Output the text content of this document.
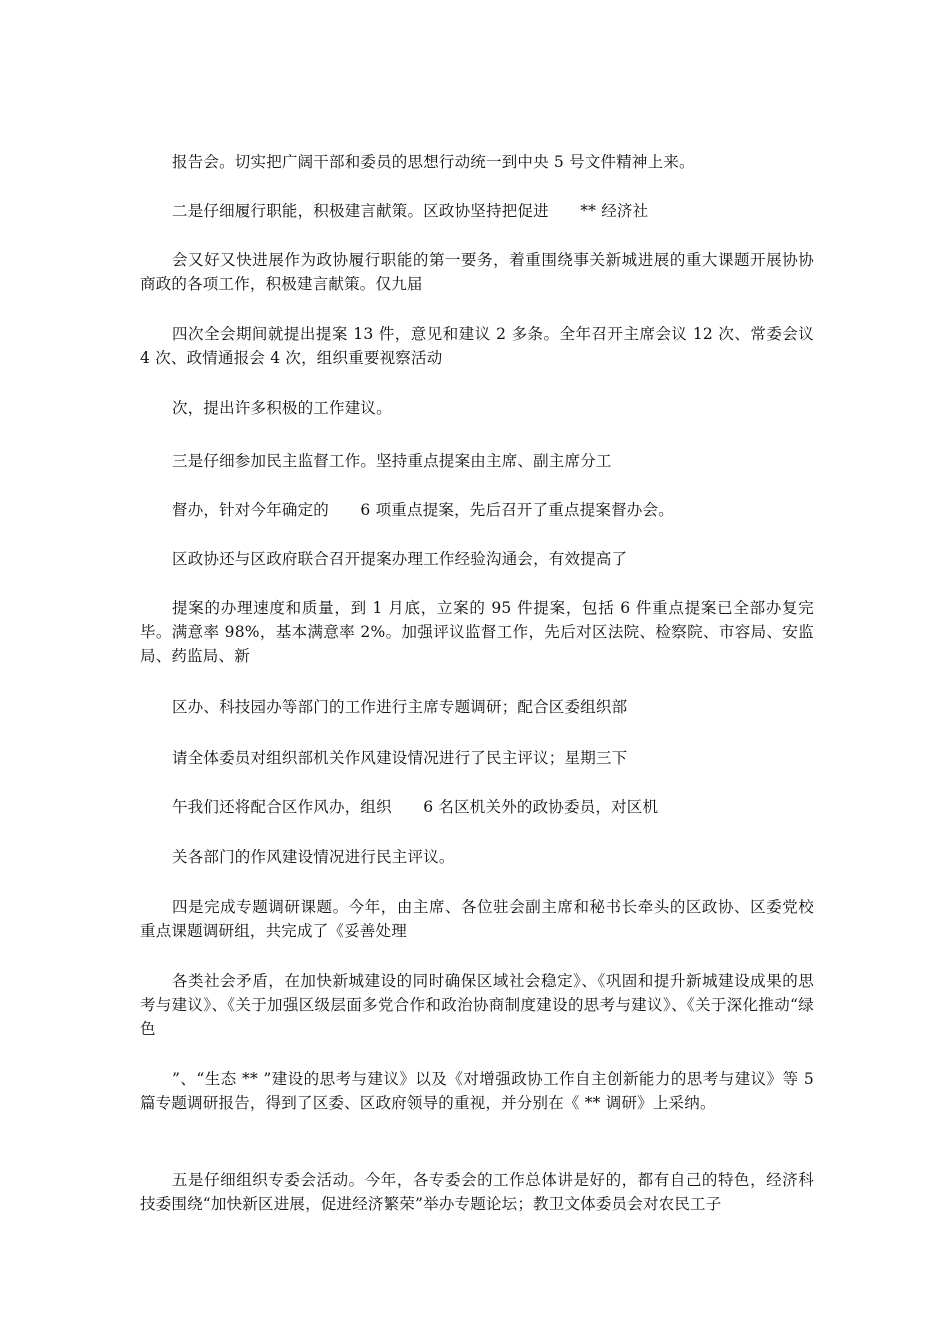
报告会。切实把广阔干部和委员的思想行动统一到中央 5 号文件精神上来。

二是仔细履行职能，积极建言献策。区政协坚持把促进　　** 经济社

会又好又快进展作为政协履行职能的第一要务，着重围绕事关新城进展的重大课题开展协协商政的各项工作，积极建言献策。仅九届

四次全会期间就提出提案 13 件，意见和建议 2 多条。全年召开主席会议 12 次、常委会议 4 次、政情通报会 4 次，组织重要视察活动

次，提出许多积极的工作建议。

三是仔细参加民主监督工作。坚持重点提案由主席、副主席分工

督办，针对今年确定的　　6 项重点提案，先后召开了重点提案督办会。

区政协还与区政府联合召开提案办理工作经验沟通会，有效提高了

提案的办理速度和质量，到 1 月底，立案的 95 件提案，包括 6 件重点提案已全部办复完毕。满意率 98%，基本满意率 2%。加强评议监督工作，先后对区法院、检察院、市容局、安监局、药监局、新

区办、科技园办等部门的工作进行主席专题调研；配合区委组织部

请全体委员对组织部机关作风建设情况进行了民主评议；星期三下

午我们还将配合区作风办，组织　　6 名区机关外的政协委员，对区机

关各部门的作风建设情况进行民主评议。

四是完成专题调研课题。今年，由主席、各位驻会副主席和秘书长牵头的区政协、区委党校重点课题调研组，共完成了《妥善处理

各类社会矛盾，在加快新城建设的同时确保区域社会稳定》、《巩固和提升新城建设成果的思考与建议》、《关于加强区级层面多党合作和政治协商制度建设的思考与建议》、《关于深化推动“绿色

”、“生态 ** ”建设的思考与建议》以及《对增强政协工作自主创新能力的思考与建议》等 5 篇专题调研报告，得到了区委、区政府领导的重视，并分别在《 ** 调研》上采纳。

五是仔细组织专委会活动。今年，各专委会的工作总体讲是好的，都有自己的特色，经济科技委围绕“加快新区进展，促进经济繁荣”举办专题论坛；教卫文体委员会对农民工子
